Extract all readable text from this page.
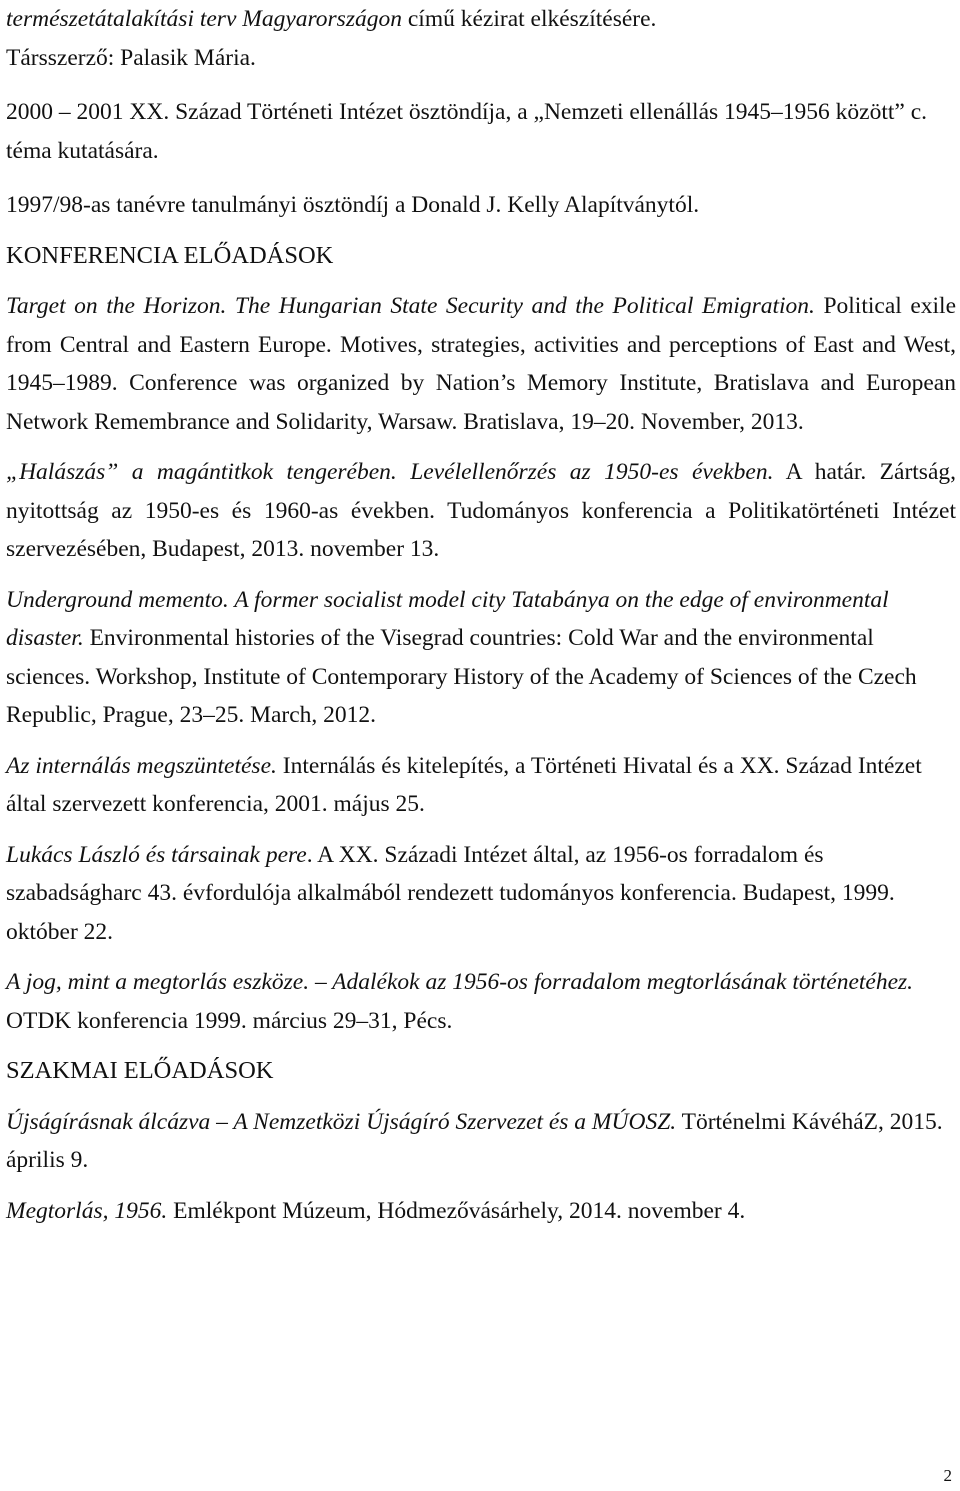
természetátalakítási terv Magyarországon című kézirat elkészítésére.
Társszerző: Palasik Mária.

2000 – 2001 XX. Század Történeti Intézet ösztöndíja, a „Nemzeti ellenállás 1945–1956 között” c. téma kutatására.

1997/98-as tanévre tanulmányi ösztöndíj a Donald J. Kelly Alapítványtól.

KONFERENCIA ELŐADÁSOK

Target on the Horizon. The Hungarian State Security and the Political Emigration. Political exile from Central and Eastern Europe. Motives, strategies, activities and perceptions of East and West, 1945–1989. Conference was organized by Nation’s Memory Institute, Bratislava and European Network Remembrance and Solidarity, Warsaw. Bratislava, 19–20. November, 2013.

„Halászás” a magántitkok tengerében. Levélellenőrzés az 1950-es években. A határ. Zártság, nyitottság az 1950-es és 1960-as években. Tudományos konferencia a Politikatörténeti Intézet szervezésében, Budapest, 2013. november 13.

Underground memento. A former socialist model city Tatabánya on the edge of environmental disaster. Environmental histories of the Visegrad countries: Cold War and the environmental sciences. Workshop, Institute of Contemporary History of the Academy of Sciences of the Czech Republic, Prague, 23–25. March, 2012.

Az internálás megszüntetése. Internálás és kitelepítés, a Történeti Hivatal és a XX. Század Intézet által szervezett konferencia, 2001. május 25.

Lukács László és társainak pere. A XX. Századi Intézet által, az 1956-os forradalom és szabadságharc 43. évfordulója alkalmából rendezett tudományos konferencia. Budapest, 1999. október 22.

A jog, mint a megtorlás eszköze. – Adalékok az 1956-os forradalom megtorlásának történetéhez. OTDK konferencia 1999. március 29–31, Pécs.

SZAKMAI ELŐADÁSOK

Újságírásnak álcázva – A Nemzetközi Újságíró Szervezet és a MÚOSZ. Történelmi KávéháZ, 2015. április 9.

Megtorlás, 1956. Emlékpont Múzeum, Hódmezővásárhely, 2014. november 4.

2
